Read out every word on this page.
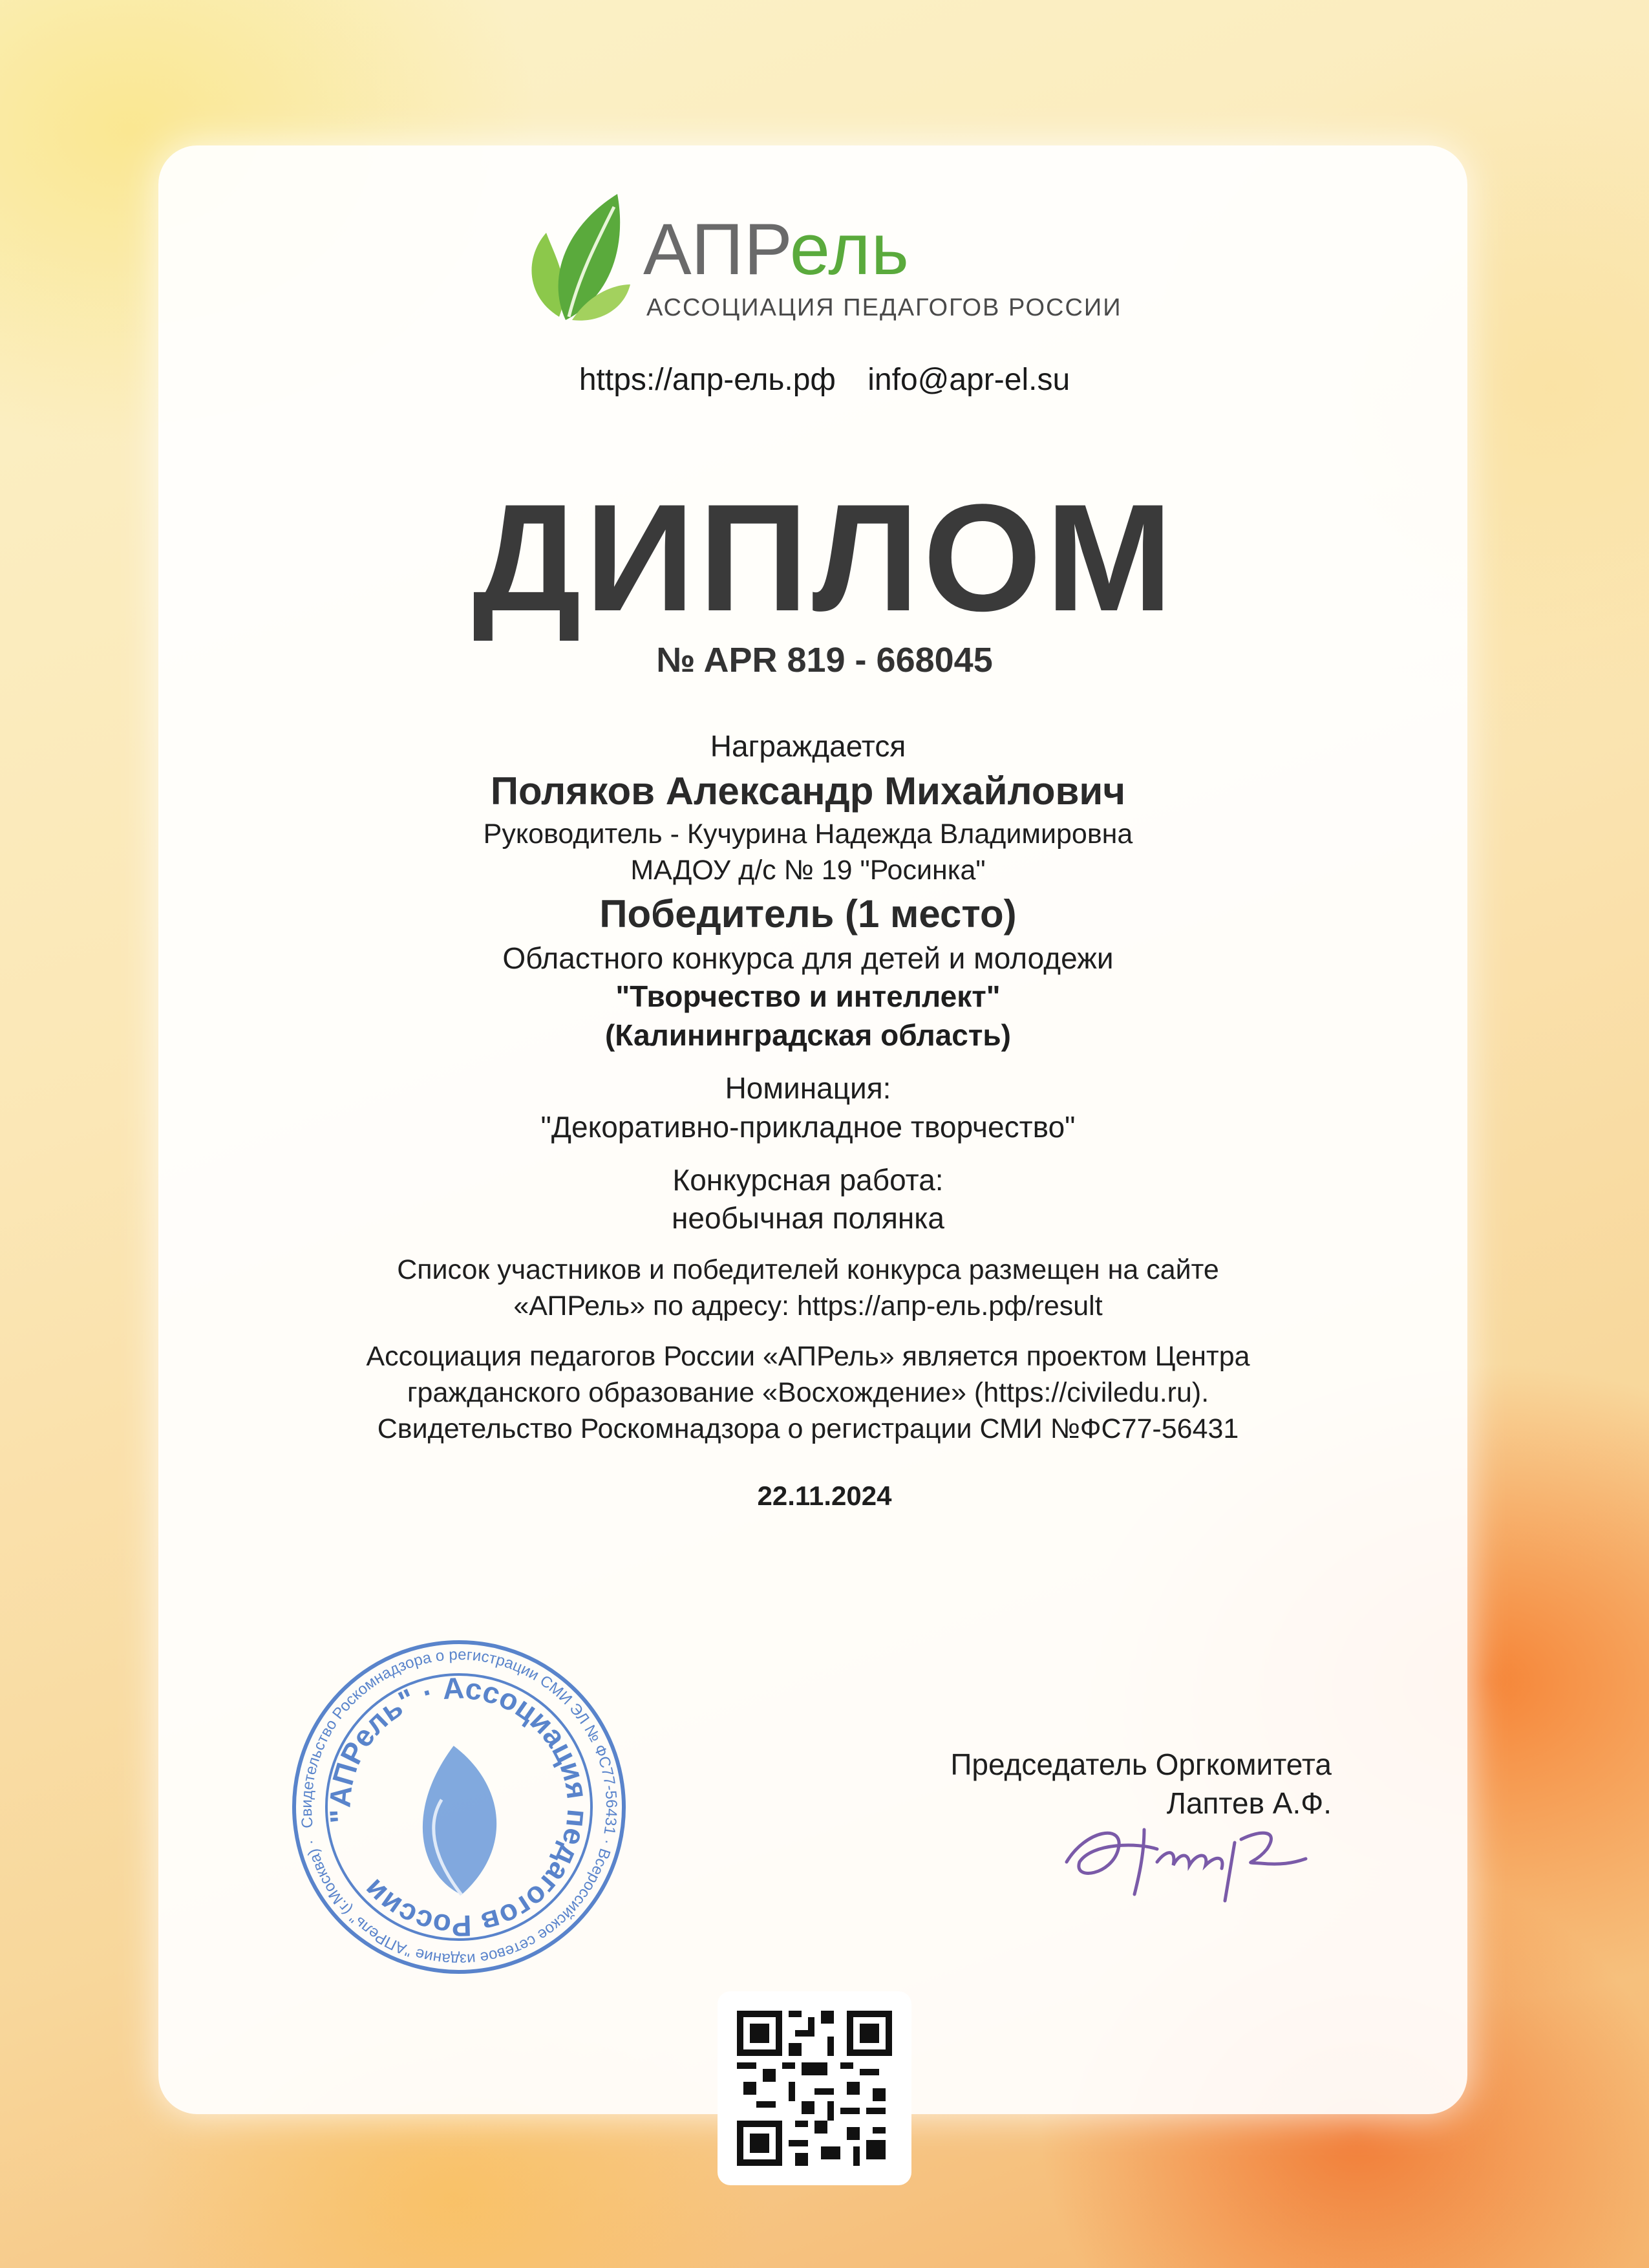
АПРель
АССОЦИАЦИЯ ПЕДАГОГОВ РОССИИ
https://апр-ель.рф info@apr-el.su
ДИПЛОМ
№ APR 819 - 668045
Награждается
Поляков Александр Михайлович
Руководитель - Кучурина Надежда Владимировна
МАДОУ д/с № 19 "Росинка"
Победитель (1 место)
Областного конкурса для детей и молодежи
"Творчество и интеллект"
(Калининградская область)
Номинация:
"Декоративно-прикладное творчество"
Конкурсная работа:
необычная полянка
Список участников и победителей конкурса размещен на сайте
«АПРель» по адресу: https://апр-ель.рф/result
Ассоциация педагогов России «АПРель» является проектом Центра
гражданского образование «Восхождение» (https://civiledu.ru).
Свидетельство Роскомнадзора о регистрации СМИ №ФС77-56431
22.11.2024
Свидетельство Роскомнадзора о регистрации СМИ ЭЛ № ФС77-56431 · Всероссийское сетевое издание "АПРель" (г.Москва) ·
"АПРель" · Ассоциация педагогов России
Председатель Оргкомитета
Лаптев А.Ф.
